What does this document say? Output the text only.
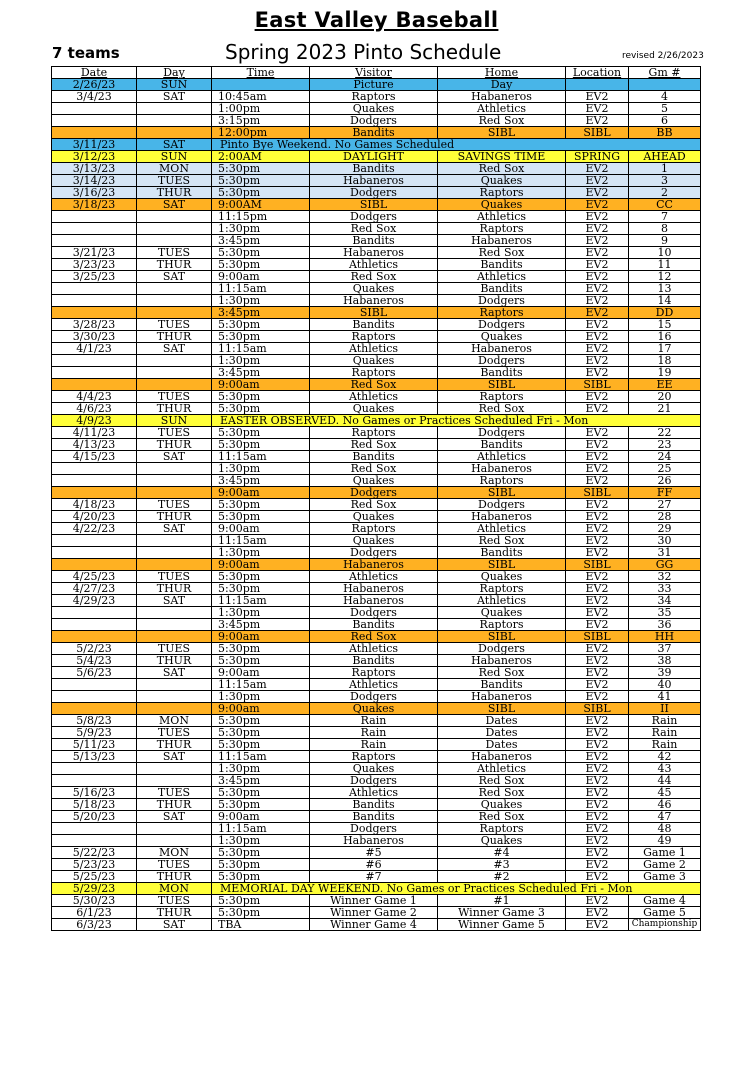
East Valley Baseball
7 teams	Spring 2023 Pinto Schedule	revised 2/26/2023
Date	Day	Time	Visitor	Home	Location	Gm #
2/26/23	SUN		Picture	Day		
3/4/23	SAT	10:45am	Raptors	Habaneros	EV2	4
		1:00pm	Quakes	Athletics	EV2	5
		3:15pm	Dodgers	Red Sox	EV2	6
		12:00pm	Bandits	SIBL	SIBL	BB
3/11/23	SAT	Pinto Bye Weekend. No Games Scheduled				
3/12/23	SUN	2:00AM	DAYLIGHT	SAVINGS TIME	SPRING	AHEAD
3/13/23	MON	5:30pm	Bandits	Red Sox	EV2	1
3/14/23	TUES	5:30pm	Habaneros	Quakes	EV2	3
3/16/23	THUR	5:30pm	Dodgers	Raptors	EV2	2
3/18/23	SAT	9:00AM	SIBL	Quakes	EV2	CC
		11:15pm	Dodgers	Athletics	EV2	7
		1:30pm	Red Sox	Raptors	EV2	8
		3:45pm	Bandits	Habaneros	EV2	9
3/21/23	TUES	5:30pm	Habaneros	Red Sox	EV2	10
3/23/23	THUR	5:30pm	Athletics	Bandits	EV2	11
3/25/23	SAT	9:00am	Red Sox	Athletics	EV2	12
		11:15am	Quakes	Bandits	EV2	13
		1:30pm	Habaneros	Dodgers	EV2	14
		3:45pm	SIBL	Raptors	EV2	DD
3/28/23	TUES	5:30pm	Bandits	Dodgers	EV2	15
3/30/23	THUR	5:30pm	Raptors	Quakes	EV2	16
4/1/23	SAT	11:15am	Athletics	Habaneros	EV2	17
		1:30pm	Quakes	Dodgers	EV2	18
		3:45pm	Raptors	Bandits	EV2	19
		9:00am	Red Sox	SIBL	SIBL	EE
4/4/23	TUES	5:30pm	Athletics	Raptors	EV2	20
4/6/23	THUR	5:30pm	Quakes	Red Sox	EV2	21
4/9/23	SUN	EASTER OBSERVED. No Games or Practices Scheduled Fri - Mon				
4/11/23	TUES	5:30pm	Raptors	Dodgers	EV2	22
4/13/23	THUR	5:30pm	Red Sox	Bandits	EV2	23
4/15/23	SAT	11:15am	Bandits	Athletics	EV2	24
		1:30pm	Red Sox	Habaneros	EV2	25
		3:45pm	Quakes	Raptors	EV2	26
		9:00am	Dodgers	SIBL	SIBL	FF
4/18/23	TUES	5:30pm	Red Sox	Dodgers	EV2	27
4/20/23	THUR	5:30pm	Quakes	Habaneros	EV2	28
4/22/23	SAT	9:00am	Raptors	Athletics	EV2	29
		11:15am	Quakes	Red Sox	EV2	30
		1:30pm	Dodgers	Bandits	EV2	31
		9:00am	Habaneros	SIBL	SIBL	GG
4/25/23	TUES	5:30pm	Athletics	Quakes	EV2	32
4/27/23	THUR	5:30pm	Habaneros	Raptors	EV2	33
4/29/23	SAT	11:15am	Habaneros	Athletics	EV2	34
		1:30pm	Dodgers	Quakes	EV2	35
		3:45pm	Bandits	Raptors	EV2	36
		9:00am	Red Sox	SIBL	SIBL	HH
5/2/23	TUES	5:30pm	Athletics	Dodgers	EV2	37
5/4/23	THUR	5:30pm	Bandits	Habaneros	EV2	38
5/6/23	SAT	9:00am	Raptors	Red Sox	EV2	39
		11:15am	Athletics	Bandits	EV2	40
		1:30pm	Dodgers	Habaneros	EV2	41
		9:00am	Quakes	SIBL	SIBL	II
5/8/23	MON	5:30pm	Rain	Dates	EV2	Rain
5/9/23	TUES	5:30pm	Rain	Dates	EV2	Rain
5/11/23	THUR	5:30pm	Rain	Dates	EV2	Rain
5/13/23	SAT	11:15am	Raptors	Habaneros	EV2	42
		1:30pm	Quakes	Athletics	EV2	43
		3:45pm	Dodgers	Red Sox	EV2	44
5/16/23	TUES	5:30pm	Athletics	Red Sox	EV2	45
5/18/23	THUR	5:30pm	Bandits	Quakes	EV2	46
5/20/23	SAT	9:00am	Bandits	Red Sox	EV2	47
		11:15am	Dodgers	Raptors	EV2	48
		1:30pm	Habaneros	Quakes	EV2	49
5/22/23	MON	5:30pm	#5	#4	EV2	Game 1
5/23/23	TUES	5:30pm	#6	#3	EV2	Game 2
5/25/23	THUR	5:30pm	#7	#2	EV2	Game 3
5/29/23	MON	MEMORIAL DAY WEEKEND. No Games or Practices Scheduled Fri - Mon				
5/30/23	TUES	5:30pm	Winner Game 1	#1	EV2	Game 4
6/1/23	THUR	5:30pm	Winner Game 2	Winner Game 3	EV2	Game 5
6/3/23	SAT	TBA	Winner Game 4	Winner Game 5	EV2	Championship
